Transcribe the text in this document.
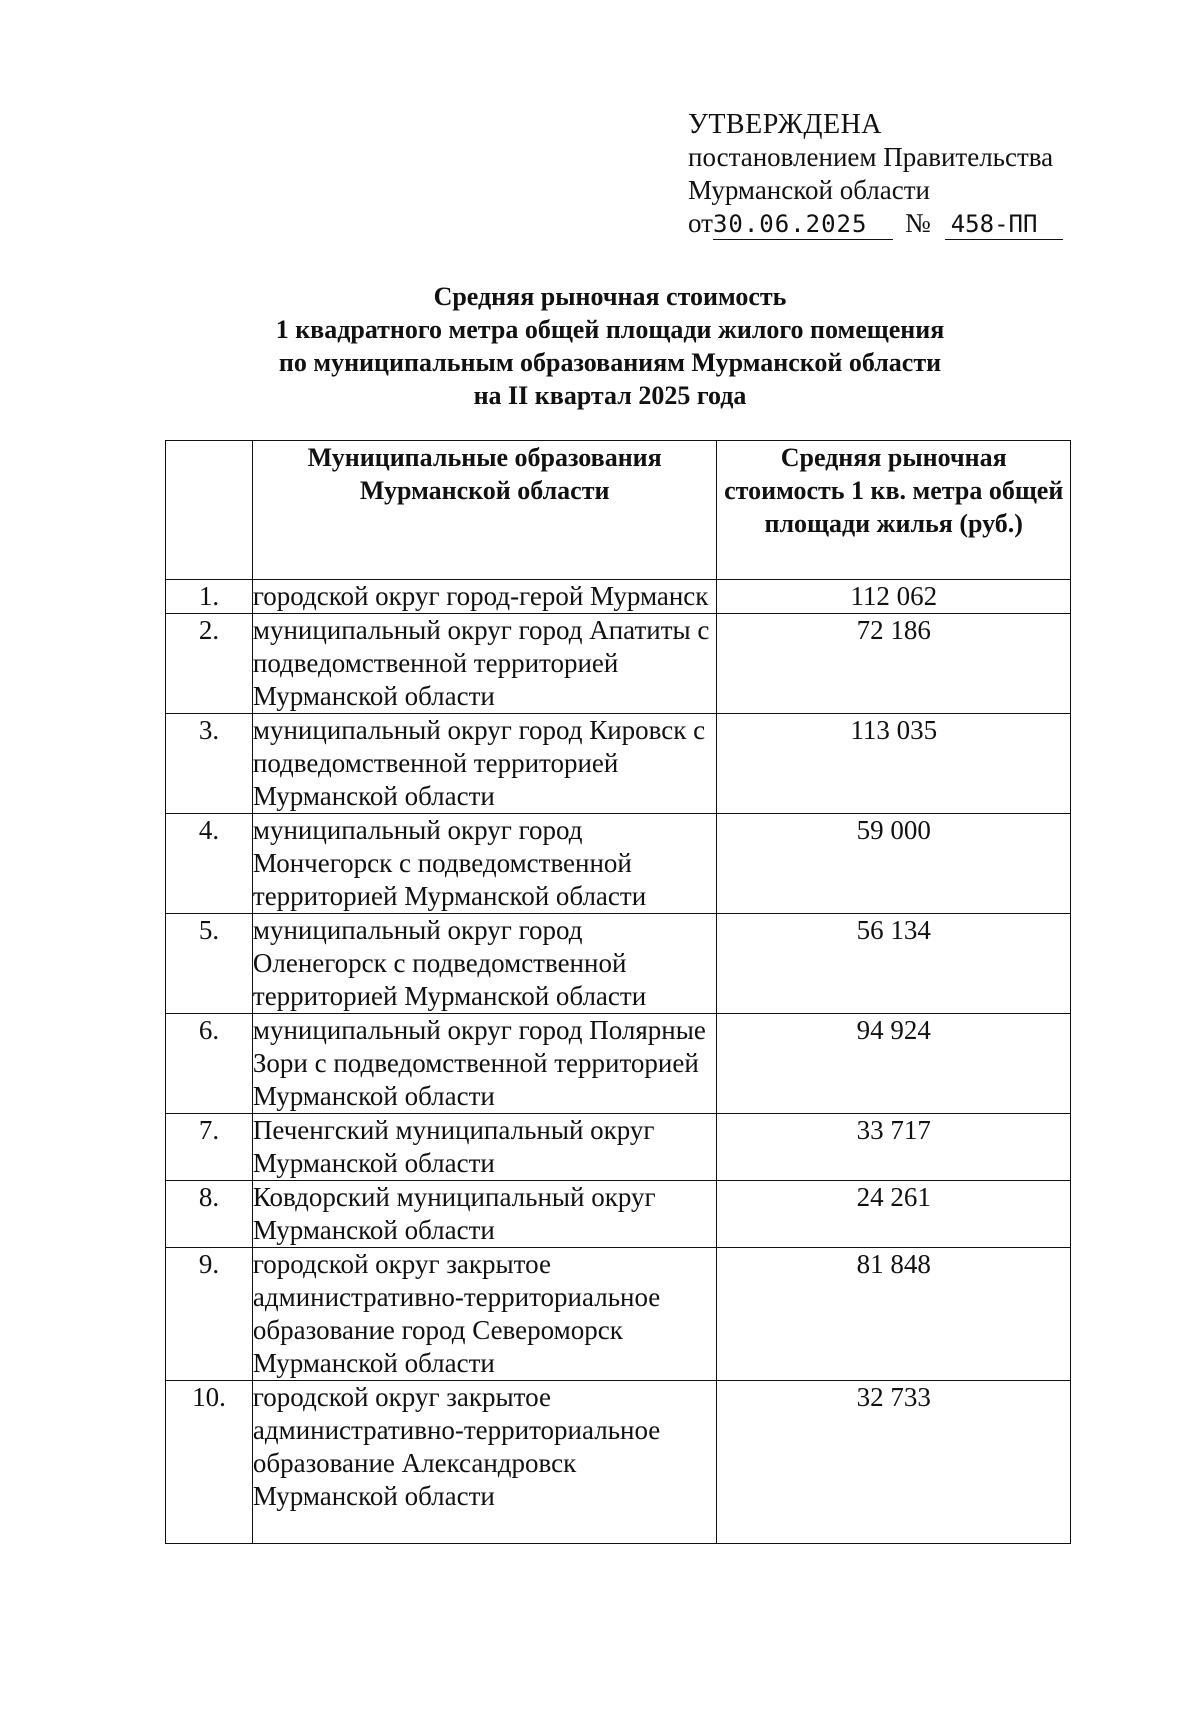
УТВЕРЖДЕНА
постановлением Правительства
Мурманской области
от 30.06.2025	№ 458-ПП
Средняя рыночная стоимость
1 квадратного метра общей площади жилого помещения
по муниципальным образованиям Мурманской области
на II квартал 2025 года
	Муниципальные образования Мурманской области	Средняя рыночная стоимость 1 кв. метра общей площади жилья (руб.)
1.	городской округ город-герой Мурманск	112 062
2.	муниципальный округ город Апатиты с подведомственной территорией Мурманской области	72 186
3.	муниципальный округ город Кировск с подведомственной территорией Мурманской области	113 035
4.	муниципальный округ город Мончегорск с подведомственной территорией Мурманской области	59 000
5.	муниципальный округ город Оленегорск с подведомственной территорией Мурманской области	56 134
6.	муниципальный округ город Полярные Зори с подведомственной территорией Мурманской области	94 924
7.	Печенгский муниципальный округ Мурманской области	33 717
8.	Ковдорский муниципальный округ Мурманской области	24 261
9.	городской округ закрытое административно-территориальное образование город Североморск Мурманской области	81 848
10.	городской округ закрытое административно-территориальное образование Александровск Мурманской области	32 733
